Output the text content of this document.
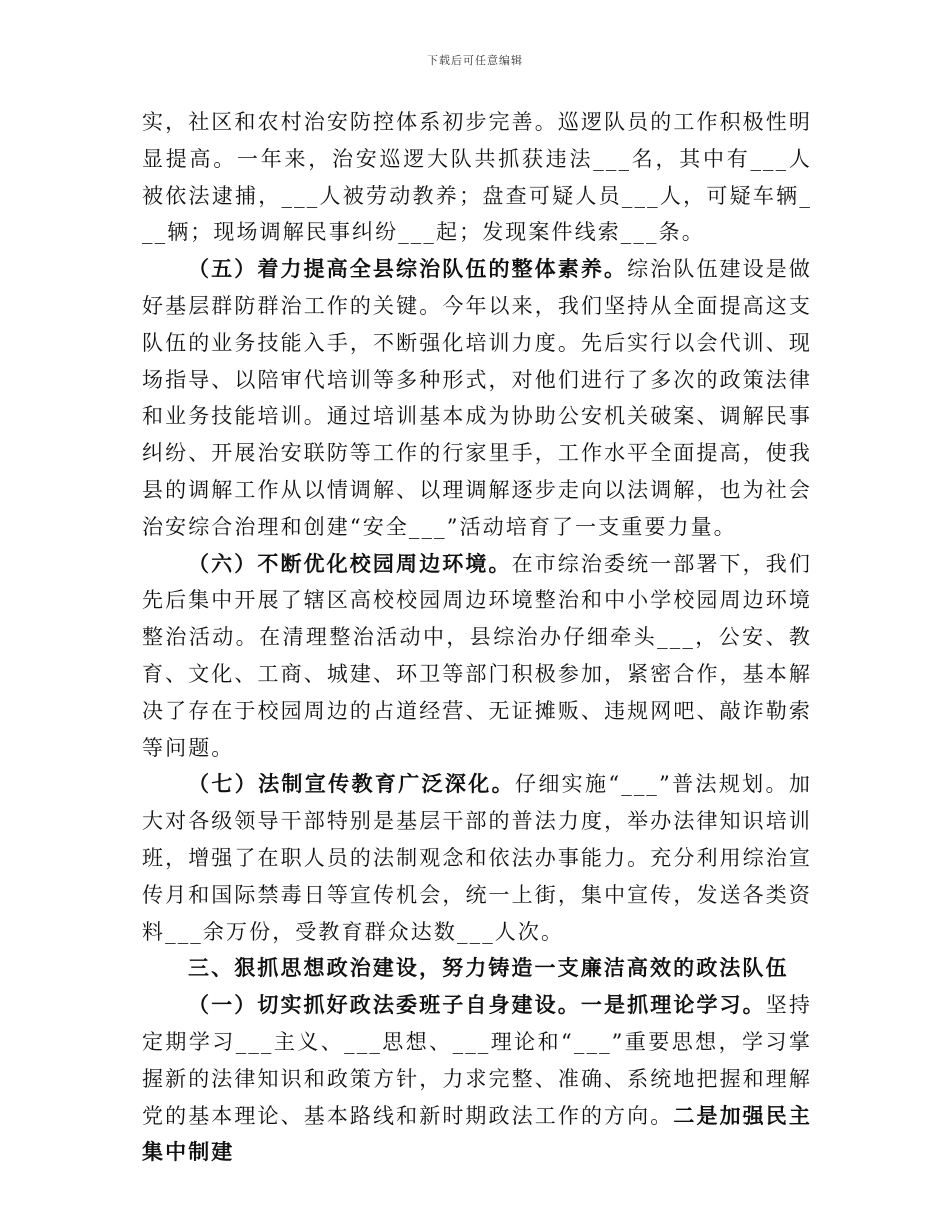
下载后可任意编辑

实，社区和农村治安防控体系初步完善。巡逻队员的工作积极性明显提高。一年来，治安巡逻大队共抓获违法___名，其中有___人被依法逮捕，___人被劳动教养；盘查可疑人员___人，可疑车辆___辆；现场调解民事纠纷___起；发现案件线索___条。

（五）着力提高全县综治队伍的整体素养。综治队伍建设是做好基层群防群治工作的关键。今年以来，我们坚持从全面提高这支队伍的业务技能入手，不断强化培训力度。先后实行以会代训、现场指导、以陪审代培训等多种形式，对他们进行了多次的政策法律和业务技能培训。通过培训基本成为协助公安机关破案、调解民事纠纷、开展治安联防等工作的行家里手，工作水平全面提高，使我县的调解工作从以情调解、以理调解逐步走向以法调解，也为社会治安综合治理和创建“安全___”活动培育了一支重要力量。

（六）不断优化校园周边环境。在市综治委统一部署下，我们先后集中开展了辖区高校校园周边环境整治和中小学校园周边环境整治活动。在清理整治活动中，县综治办仔细牵头___，公安、教育、文化、工商、城建、环卫等部门积极参加，紧密合作，基本解决了存在于校园周边的占道经营、无证摊贩、违规网吧、敲诈勒索等问题。

（七）法制宣传教育广泛深化。仔细实施“___”普法规划。加大对各级领导干部特别是基层干部的普法力度，举办法律知识培训班，增强了在职人员的法制观念和依法办事能力。充分利用综治宣传月和国际禁毒日等宣传机会，统一上街，集中宣传，发送各类资料___余万份，受教育群众达数___人次。

三、狠抓思想政治建设，努力铸造一支廉洁高效的政法队伍

（一）切实抓好政法委班子自身建设。一是抓理论学习。坚持定期学习___主义、___思想、___理论和“___”重要思想，学习掌握新的法律知识和政策方针，力求完整、准确、系统地把握和理解党的基本理论、基本路线和新时期政法工作的方向。二是加强民主集中制建
